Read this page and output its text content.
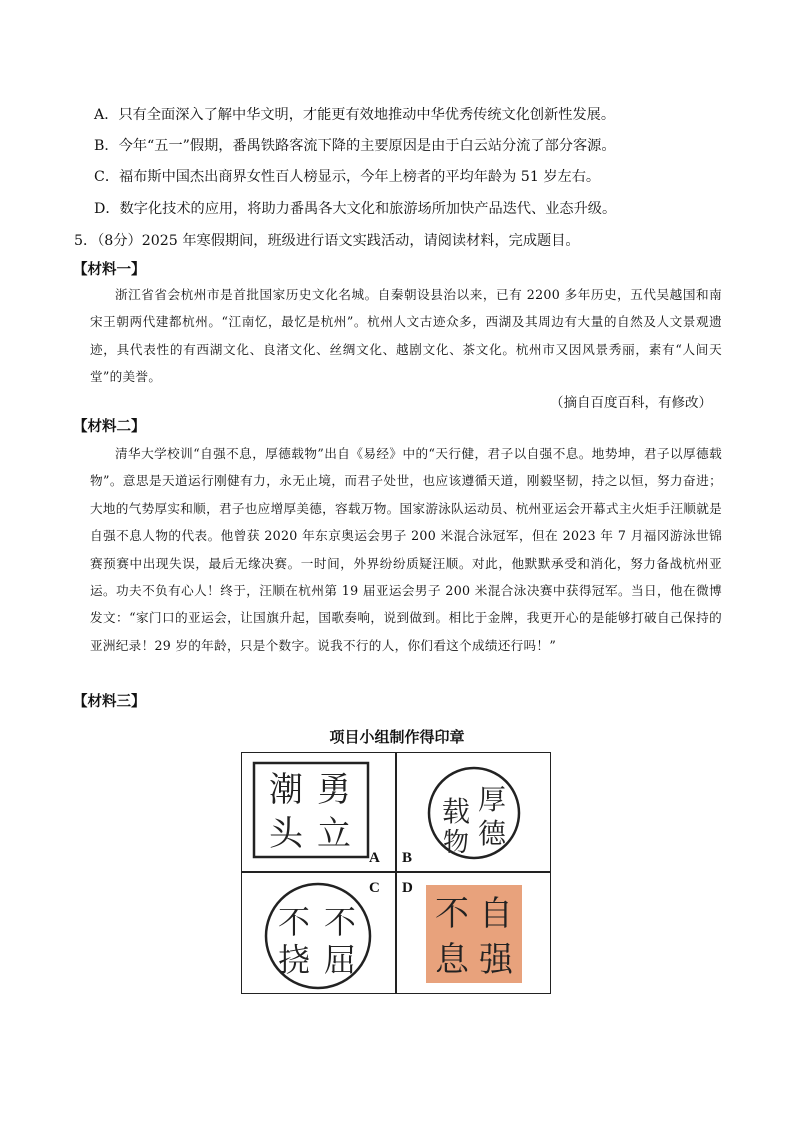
A．只有全面深入了解中华文明，才能更有效地推动中华优秀传统文化创新性发展。
B．今年“五一”假期，番禺铁路客流下降的主要原因是由于白云站分流了部分客源。
C．福布斯中国杰出商界女性百人榜显示，今年上榜者的平均年龄为 51 岁左右。
D．数字化技术的应用，将助力番禺各大文化和旅游场所加快产品迭代、业态升级。
5．（8分）2025 年寒假期间，班级进行语文实践活动，请阅读材料，完成题目。
【材料一】
浙江省省会杭州市是首批国家历史文化名城。自秦朝设县治以来，已有 2200 多年历史，五代吴越国和南宋王朝两代建都杭州。“江南忆，最忆是杭州”。杭州人文古迹众多，西湖及其周边有大量的自然及人文景观遗迹，具代表性的有西湖文化、良渚文化、丝绸文化、越剧文化、茶文化。杭州市又因风景秀丽，素有“人间天堂”的美誉。
（摘自百度百科，有修改）
【材料二】
清华大学校训“自强不息，厚德载物”出自《易经》中的“天行健，君子以自强不息。地势坤，君子以厚德载物”。意思是天道运行刚健有力，永无止境，而君子处世，也应该遵循天道，刚毅坚韧，持之以恒，努力奋进；大地的气势厚实和顺，君子也应增厚美德，容载万物。国家游泳队运动员、杭州亚运会开幕式主火炬手汪顺就是自强不息人物的代表。他曾获 2020 年东京奥运会男子 200 米混合泳冠军，但在 2023 年 7 月福冈游泳世锦赛预赛中出现失误，最后无缘决赛。一时间，外界纷纷质疑汪顺。对此，他默默承受和消化，努力备战杭州亚运。功夫不负有心人！终于，汪顺在杭州第 19 届亚运会男子 200 米混合泳决赛中获得冠军。当日，他在微博发文：“家门口的亚运会，让国旗升起，国歌奏响，说到做到。相比于金牌，我更开心的是能够打破自己保持的亚洲纪录！29 岁的年龄，只是个数字。说我不行的人，你们看这个成绩还行吗！”
【材料三】
项目小组制作得印章
勇
立
潮
头
A B
厚
德
载
物
C
不
屈
不
挠
D
自
强
不
息
